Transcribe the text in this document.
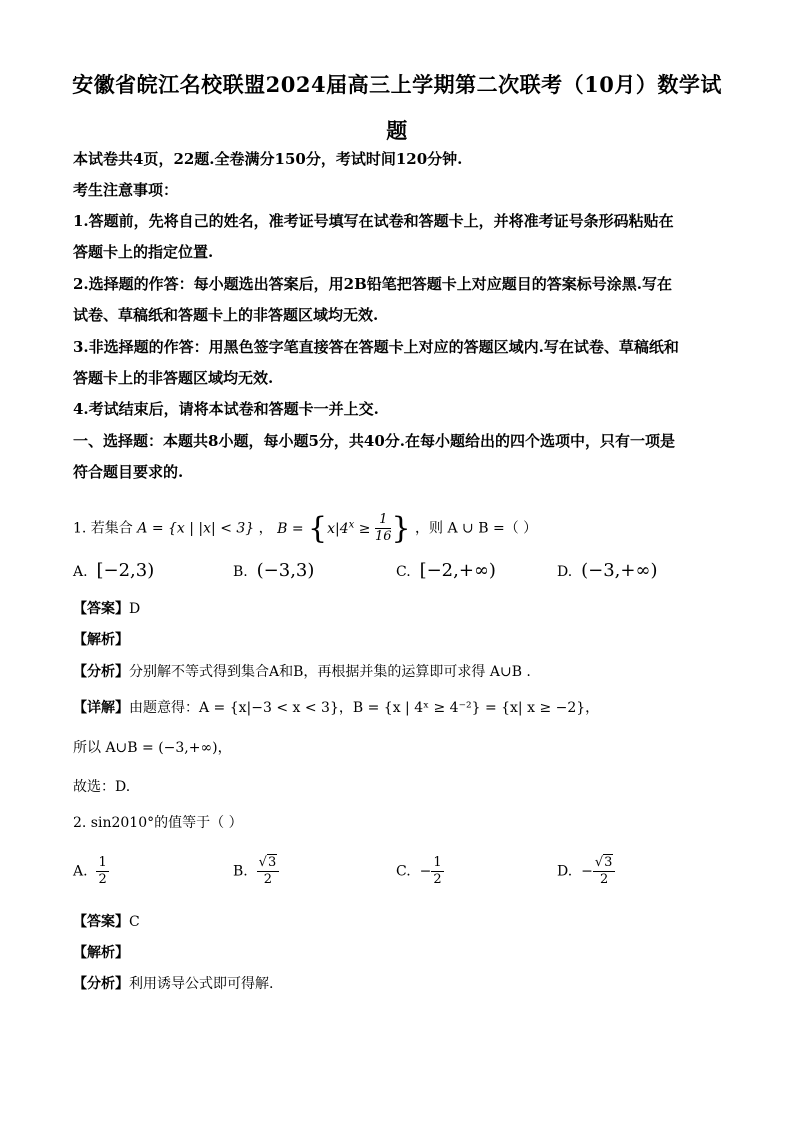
安徽省皖江名校联盟2024届高三上学期第二次联考（10月）数学试
题
本试卷共4页，22题.全卷满分150分，考试时间120分钟.
考生注意事项：
1.答题前，先将自己的姓名，准考证号填写在试卷和答题卡上，并将准考证号条形码粘贴在
答题卡上的指定位置.
2.选择题的作答：每小题选出答案后，用2B铅笔把答题卡上对应题目的答案标号涂黑.写在
试卷、草稿纸和答题卡上的非答题区域均无效.
3.非选择题的作答：用黑色签字笔直接答在答题卡上对应的答题区域内.写在试卷、草稿纸和
答题卡上的非答题区域均无效.
4.考试结束后，请将本试卷和答题卡一并上交.
一、选择题：本题共8小题，每小题5分，共40分.在每小题给出的四个选项中，只有一项是
符合题目要求的.
1. 若集合 A = {x | |x| < 3} ， $B = \{x|4^x \ge \frac{1}{16}$ } ，则 A ∪ B =（ ）
A. [−2,3)	B. (−3,3)	C. [−2,+∞)	D. (−3,+∞)
【答案】D
【解析】
【分析】分别解不等式得到集合A和B，再根据并集的运算即可求得 A∪B .
【详解】由题意得：A = {x|−3 < x < 3}，B = {x | 4ˣ ≥ 4⁻²} = {x| x ≥ −2}，
所以 A∪B = (−3,+∞)，
故选：D.
2. sin2010°的值等于（ ）
A. $\frac{1}{2}$	B. $\frac{√3}{2}$	C. − $\frac{1}{2}$	D. − $\frac{√3}{2}$
【答案】C
【解析】
【分析】利用诱导公式即可得解.
